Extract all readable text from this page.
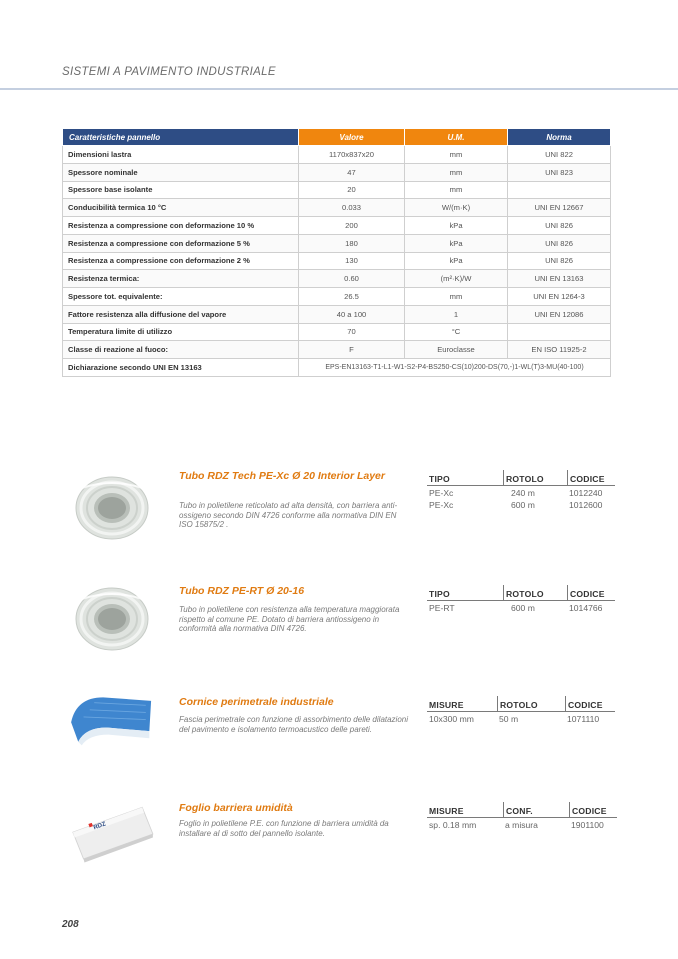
SISTEMI A PAVIMENTO INDUSTRIALE
Caratteristiche pannello	Valore	U.M.	Norma
Dimensioni lastra	1170x837x20	mm	UNI 822
Spessore nominale	47	mm	UNI 823
Spessore base isolante	20	mm	
Conducibilità termica 10 °C	0.033	W/(m·K)	UNI EN 12667
Resistenza a compressione con deformazione 10 %	200	kPa	UNI 826
Resistenza a compressione con deformazione 5 %	180	kPa	UNI 826
Resistenza a compressione con deformazione 2 %	130	kPa	UNI 826
Resistenza termica:	0.60	(m²·K)/W	UNI EN 13163
Spessore tot. equivalente:	26.5	mm	UNI EN 1264-3
Fattore resistenza alla diffusione del vapore	40 a 100	1	UNI EN 12086
Temperatura limite di utilizzo	70	°C	
Classe di reazione al fuoco:	F	Euroclasse	EN ISO 11925-2
Dichiarazione secondo UNI EN 13163	EPS-EN13163-T1-L1-W1-S2-P4-BS250-CS(10)200-DS(70,-)1-WL(T)3-MU(40-100)		
Tubo RDZ Tech PE-Xc Ø 20 Interior Layer
Tubo in polietilene reticolato ad alta densità, con barriera anti-ossigeno secondo DIN 4726 conforme alla normativa DIN EN ISO 15875/2 .
TIPO	ROTOLO	CODICE
PE-Xc	240 m	1012240
PE-Xc	600 m	1012600
Tubo RDZ PE-RT Ø 20-16
Tubo in polietilene con resistenza alla temperatura maggiorata rispetto al comune PE. Dotato di barriera antiossigeno in conformità alla normativa DIN 4726.
TIPO	ROTOLO	CODICE
PE-RT	600 m	1014766
Cornice perimetrale industriale
Fascia perimetrale con funzione di assorbimento delle dilatazioni del pavimento e isolamento termoacustico delle pareti.
MISURE	ROTOLO	CODICE
10x300 mm	50 m	1071110
RDZ
Foglio barriera umidità
Foglio in polietilene P.E. con funzione di barriera umidità da installare al di sotto del pannello isolante.
MISURE	CONF.	CODICE
sp. 0.18 mm	a misura	1901100
208
